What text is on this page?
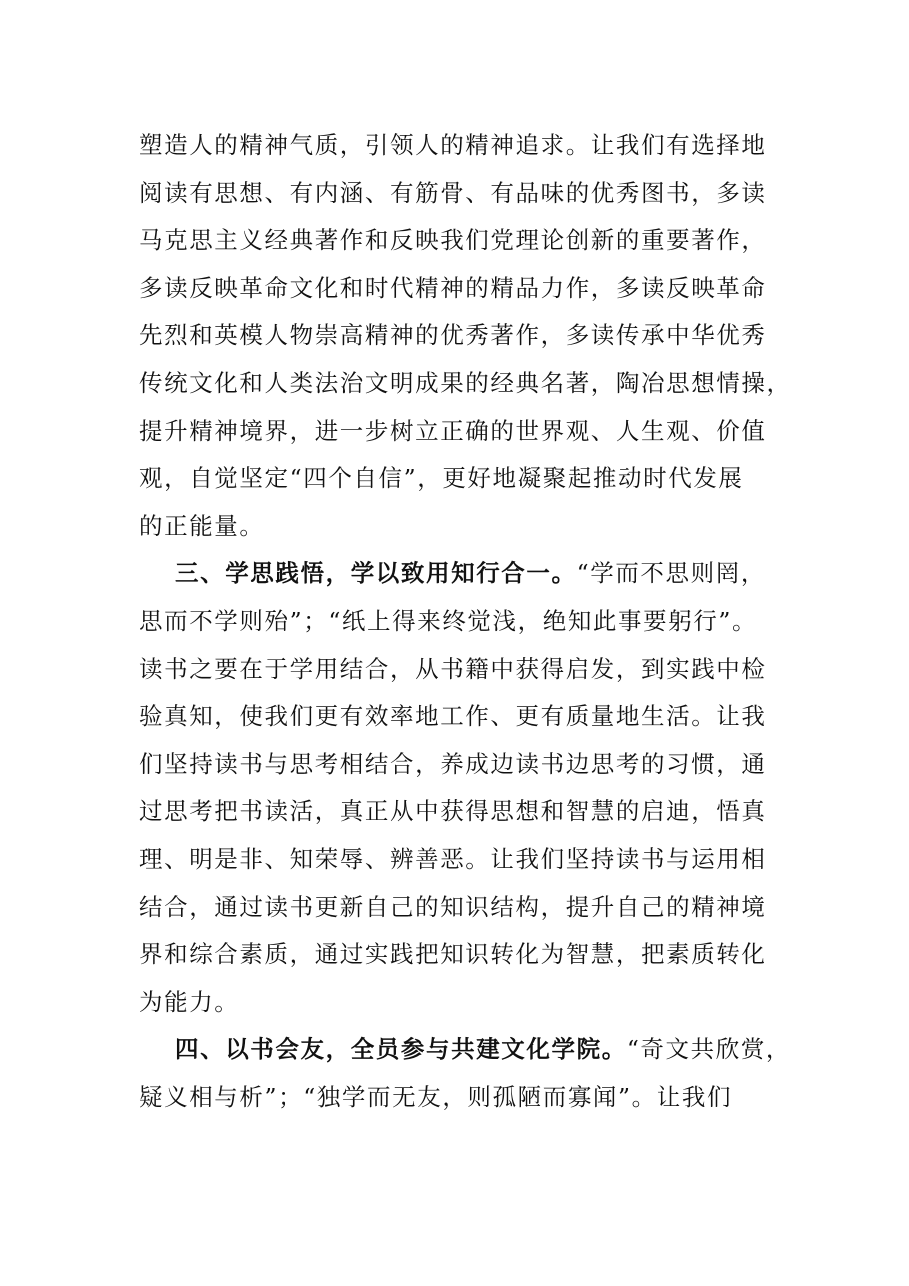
塑造人的精神气质，引领人的精神追求。让我们有选择地
阅读有思想、有内涵、有筋骨、有品味的优秀图书，多读
马克思主义经典著作和反映我们党理论创新的重要著作，
多读反映革命文化和时代精神的精品力作，多读反映革命
先烈和英模人物崇高精神的优秀著作，多读传承中华优秀
传统文化和人类法治文明成果的经典名著，陶冶思想情操，
提升精神境界，进一步树立正确的世界观、人生观、价值
观，自觉坚定“四个自信”，更好地凝聚起推动时代发展
的正能量。
三、学思践悟，学以致用知行合一。“学而不思则罔，
思而不学则殆”；“纸上得来终觉浅，绝知此事要躬行”。
读书之要在于学用结合，从书籍中获得启发，到实践中检
验真知，使我们更有效率地工作、更有质量地生活。让我
们坚持读书与思考相结合，养成边读书边思考的习惯，通
过思考把书读活，真正从中获得思想和智慧的启迪，悟真
理、明是非、知荣辱、辨善恶。让我们坚持读书与运用相
结合，通过读书更新自己的知识结构，提升自己的精神境
界和综合素质，通过实践把知识转化为智慧，把素质转化
为能力。
四、以书会友，全员参与共建文化学院。“奇文共欣赏，
疑义相与析”；“独学而无友，则孤陋而寡闻”。让我们
